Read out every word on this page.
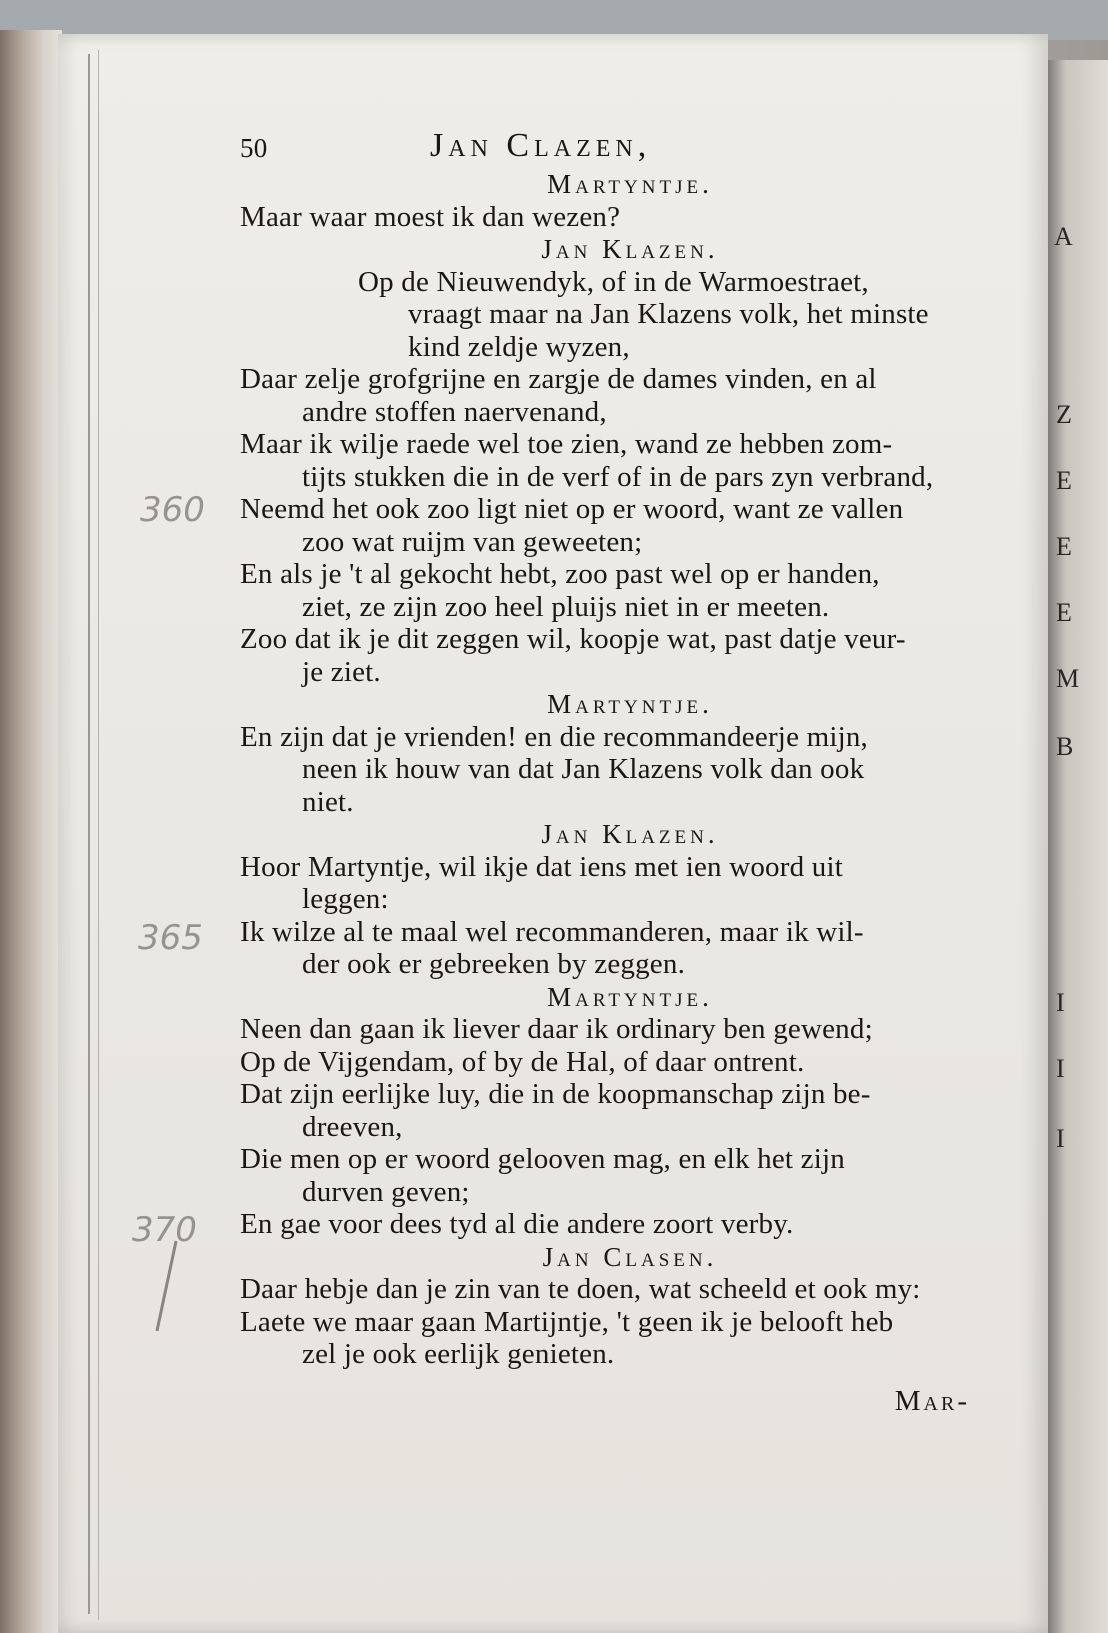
A
Z
E
E
E
M
B
I
I
I
360
365
370
50	Jan Clazen,
Martyntje.
Maar waar moest ik dan wezen?
Jan Klazen.
Op de Nieuwendyk, of in de Warmoestraet,
vraagt maar na Jan Klazens volk, het minste
kind zeldje wyzen,
Daar zelje grofgrijne en zargje de dames vinden, en al
andre stoffen naervenand,
Maar ik wilje raede wel toe zien, wand ze hebben zom-
tijts stukken die in de verf of in de pars zyn verbrand,
Neemd het ook zoo ligt niet op er woord, want ze vallen
zoo wat ruijm van geweeten;
En als je 't al gekocht hebt, zoo past wel op er handen,
ziet, ze zijn zoo heel pluijs niet in er meeten.
Zoo dat ik je dit zeggen wil, koopje wat, past datje veur-
je ziet.
Martyntje.
En zijn dat je vrienden! en die recommandeerje mijn,
neen ik houw van dat Jan Klazens volk dan ook
niet.
Jan Klazen.
Hoor Martyntje, wil ikje dat iens met ien woord uit
leggen:
Ik wilze al te maal wel recommanderen, maar ik wil-
der ook er gebreeken by zeggen.
Martyntje.
Neen dan gaan ik liever daar ik ordinary ben gewend;
Op de Vijgendam, of by de Hal, of daar ontrent.
Dat zijn eerlijke luy, die in de koopmanschap zijn be-
dreeven,
Die men op er woord gelooven mag, en elk het zijn
durven geven;
En gae voor dees tyd al die andere zoort verby.
Jan Clasen.
Daar hebje dan je zin van te doen, wat scheeld et ook my:
Laete we maar gaan Martijntje, 't geen ik je belooft heb
zel je ook eerlijk genieten.
Mar-
